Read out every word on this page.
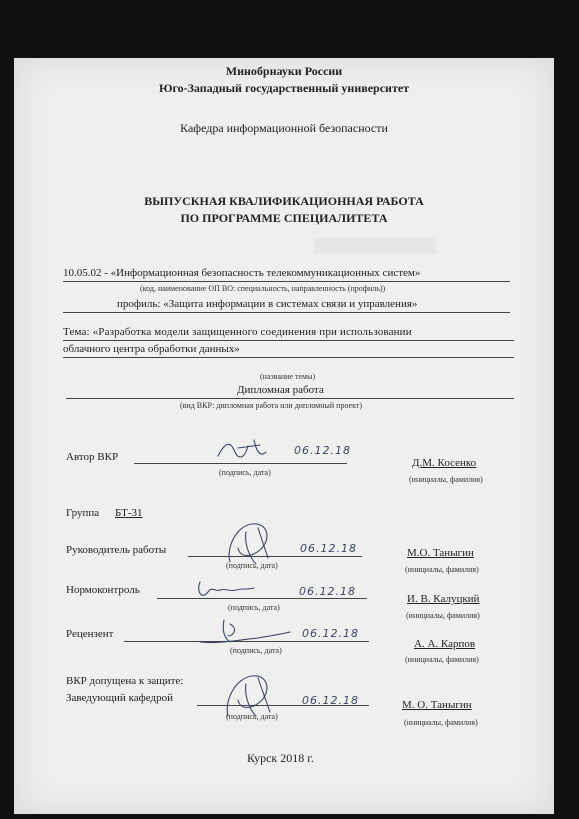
▓▓▓▓▓▓▓▓▓▓▓▓
Минобрнауки России
Юго-Западный государственный университет
Кафедра информационной безопасности
ВЫПУСКНАЯ КВАЛИФИКАЦИОННАЯ РАБОТА
ПО ПРОГРАММЕ СПЕЦИАЛИТЕТА
10.05.02 - «Информационная безопасность телекоммуникационных систем»
(код, наименование ОП ВО: специальность, направленность (профиль))
профиль: «Защита информации в системах связи и управления»
Тема: «Разработка модели защищенного соединения при использовании
облачного центра обработки данных»
(название темы)
Дипломная работа
(вид ВКР: дипломная работа или дипломный проект)
Автор ВКР	06.12.18
(подпись, дата)
Д.М. Косенко
(инициалы, фамилия)
Группа БТ-31
Руководитель работы	06.12.18
(подпись, дата)
М.О. Таныгин
(инициалы, фамилия)
Нормоконтроль	06.12.18
(подпись, дата)
И. В. Калуцкий
(инициалы, фамилия)
Рецензент	06.12.18
(подпись, дата)
А. А. Карпов
(инициалы, фамилия)
ВКР допущена к защите:
Заведующий кафедрой	06.12.18
(подпись, дата)
М. О. Таныгин
(инициалы, фамилия)
Курск 2018 г.
